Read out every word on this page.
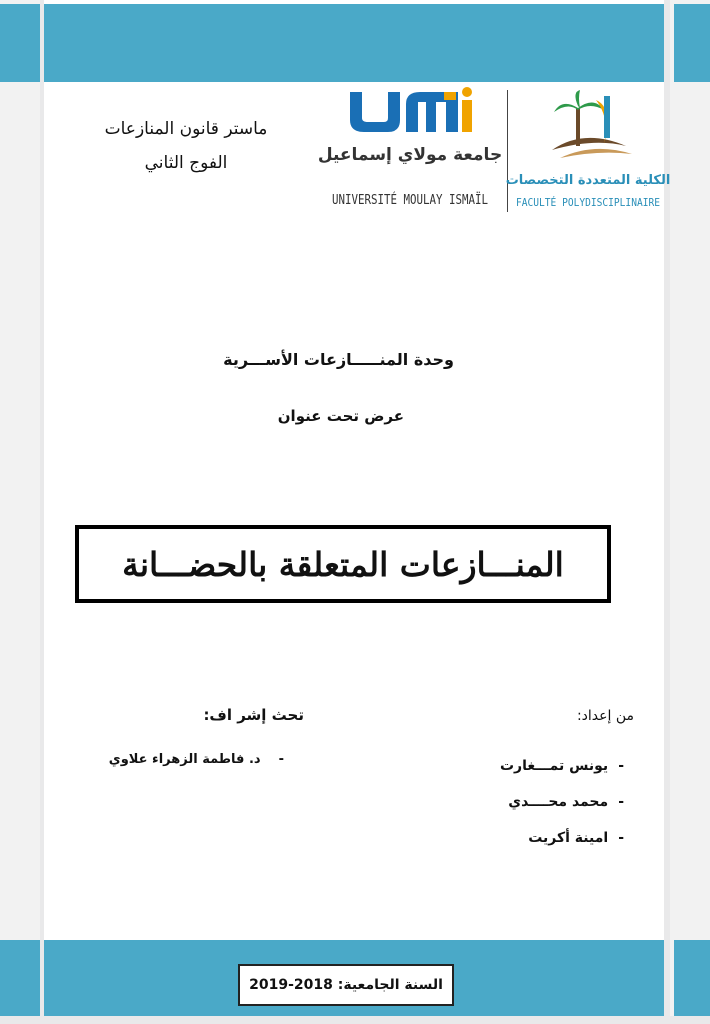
ماستر قانون المنازعات
الفوج الثاني	جامعة مولاي إسماعيل
UNIVERSITÉ MOULAY ISMAÏL
الكلية المتعددة التخصصات
FACULTÉ POLYDISCIPLINAIRE
وحدة المنـــــازعات الأســـرية
عرض تحت عنوان
المنـــازعات المتعلقة بالحضـــانة
من إعداد:
-
يونس تمـــغارت
-
محمد محــــدي
-
امينة أكريت
تحث إشر اف:
-د. فاطمة الزهراء علاوي
السنة الجامعية: 2018-2019
